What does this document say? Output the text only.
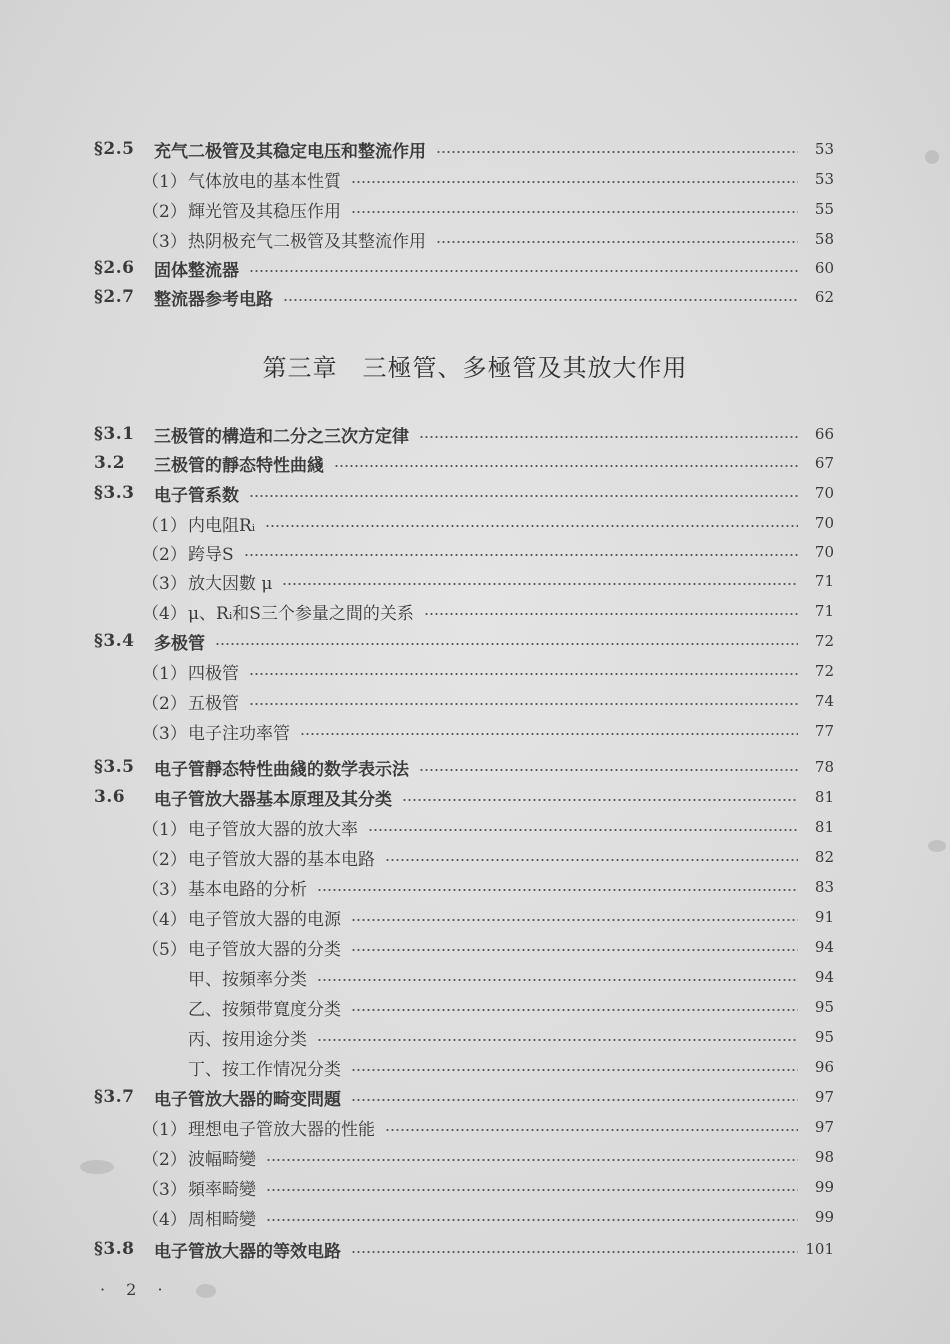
§2.5	充气二极管及其稳定电压和整流作用	53
（1） 气体放电的基本性質	53
（2） 輝光管及其稳压作用	55
（3） 热阴极充气二极管及其整流作用	58
§2.6	固体整流器	60
§2.7	整流器参考电路	62
§3.1	三极管的構造和二分之三次方定律	66
3.2	三极管的靜态特性曲綫	67
§3.3	电子管系数	70
（1） 内电阻Rᵢ	70
（2） 跨导S	70
（3） 放大因數 μ	71
（4） μ、Rᵢ和S三个参量之間的关系	71
§3.4	多极管	72
（1） 四极管	72
（2） 五极管	74
（3） 电子注功率管	77
§3.5	电子管靜态特性曲綫的数学表示法	78
3.6	电子管放大器基本原理及其分类	81
（1） 电子管放大器的放大率	81
（2） 电子管放大器的基本电路	82
（3） 基本电路的分析	83
（4） 电子管放大器的电源	91
（5） 电子管放大器的分类	94
甲、按頻率分类	94
乙、按頻带寬度分类	95
丙、按用途分类	95
丁、按工作情况分类	96
§3.7	电子管放大器的畸变問題	97
（1） 理想电子管放大器的性能	97
（2） 波幅畸變	98
（3） 頻率畸變	99
（4） 周相畸變	99
§3.8	电子管放大器的等效电路	101
第三章　三極管、多極管及其放大作用
· 2 ·
